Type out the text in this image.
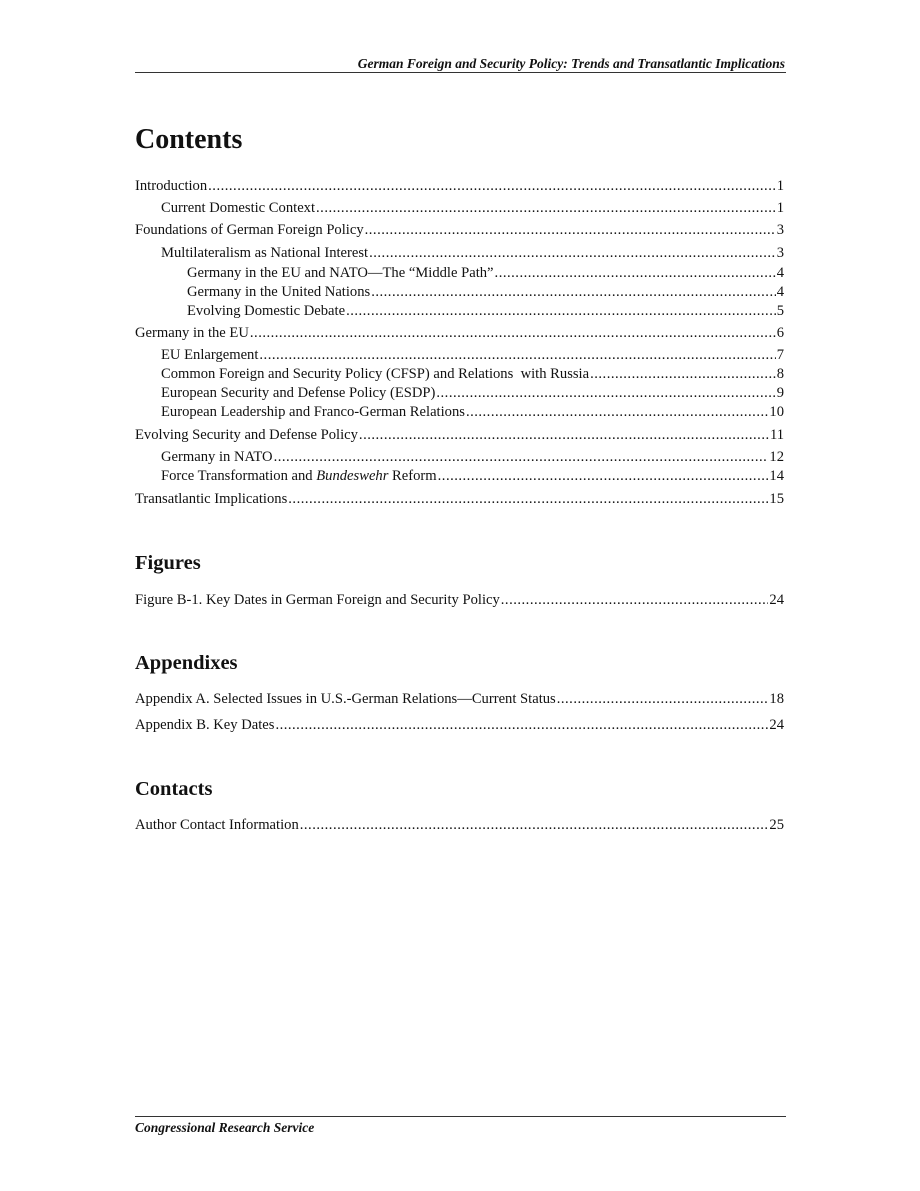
German Foreign and Security Policy: Trends and Transatlantic Implications
Contents
Introduction .....	1
Current Domestic Context .....	1
Foundations of German Foreign Policy .....	3
Multilateralism as National Interest .....	3
Germany in the EU and NATO—The “Middle Path” .....	4
Germany in the United Nations .....	4
Evolving Domestic Debate .....	5
Germany in the EU .....	6
EU Enlargement .....	7
Common Foreign and Security Policy (CFSP) and Relations  with Russia .....	8
European Security and Defense Policy (ESDP) .....	9
European Leadership and Franco-German Relations .....	10
Evolving Security and Defense Policy .....	11
Germany in NATO .....	12
Force Transformation and Bundeswehr Reform .....	14
Transatlantic Implications .....	15
Figures
Figure B-1. Key Dates in German Foreign and Security Policy .....	24
Appendixes
Appendix A. Selected Issues in U.S.-German Relations—Current Status .....	18
Appendix B. Key Dates .....	24
Contacts
Author Contact Information .....	25
Congressional Research Service
